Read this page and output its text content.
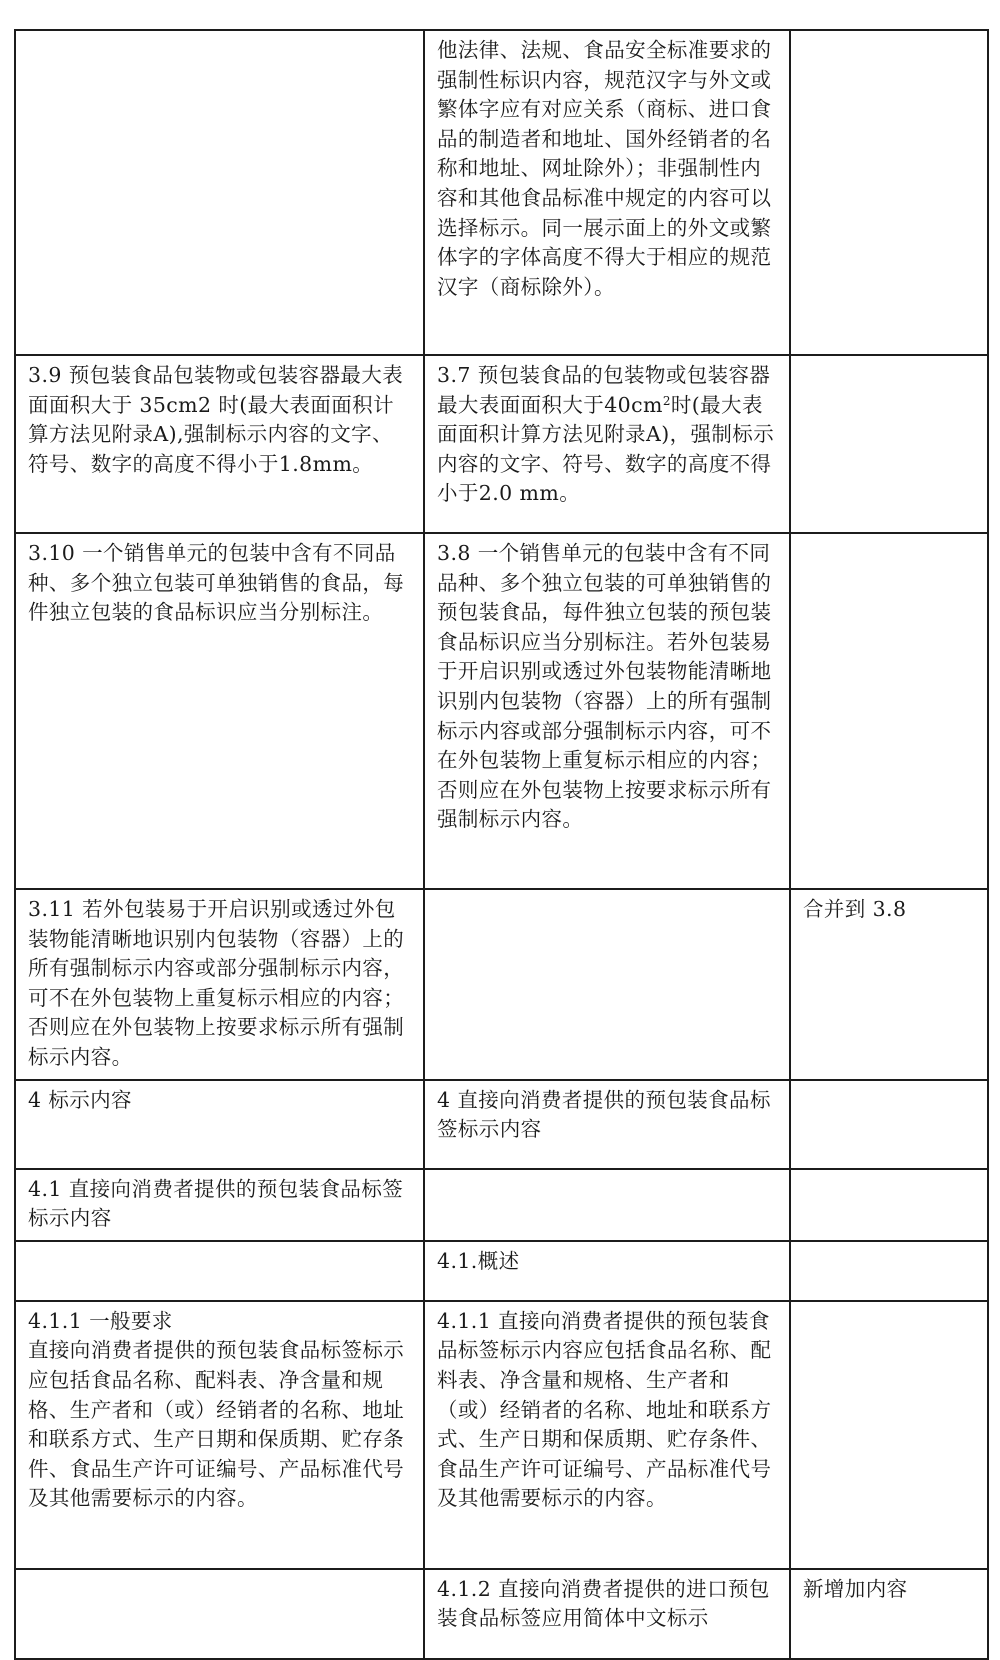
	他法律、法规、食品安全标准要求的强制性标识内容，规范汉字与外文或繁体字应有对应关系（商标、进口食品的制造者和地址、国外经销者的名称和地址、网址除外）；非强制性内容和其他食品标准中规定的内容可以选择标示。同一展示面上的外文或繁体字的字体高度不得大于相应的规范汉字（商标除外）。	
3.9 预包装食品包装物或包装容器最大表面面积大于 35cm2 时(最大表面面积计算方法见附录A),强制标示内容的文字、符号、数字的高度不得小于1.8mm。	3.7 预包装食品的包装物或包装容器最大表面面积大于$40cm^2$时(最大表面面积计算方法见附录A)，强制标示内容的文字、符号、数字的高度不得小于2.0 mm。	
3.10 一个销售单元的包装中含有不同品种、多个独立包装可单独销售的食品，每件独立包装的食品标识应当分别标注。	3.8 一个销售单元的包装中含有不同品种、多个独立包装的可单独销售的预包装食品，每件独立包装的预包装食品标识应当分别标注。若外包装易于开启识别或透过外包装物能清晰地识别内包装物（容器）上的所有强制标示内容或部分强制标示内容，可不在外包装物上重复标示相应的内容；否则应在外包装物上按要求标示所有强制标示内容。	
3.11 若外包装易于开启识别或透过外包装物能清晰地识别内包装物（容器）上的所有强制标示内容或部分强制标示内容，可不在外包装物上重复标示相应的内容；否则应在外包装物上按要求标示所有强制标示内容。		合并到 3.8
4 标示内容	4 直接向消费者提供的预包装食品标签标示内容	
4.1 直接向消费者提供的预包装食品标签标示内容		
	4.1.概述	

4.1.1 一般要求
直接向消费者提供的预包装食品标签标示应包括食品名称、配料表、净含量和规格、生产者和（或）经销者的名称、地址和联系方式、生产日期和保质期、贮存条件、食品生产许可证编号、产品标准代号及其他需要标示的内容。	4.1.1 直接向消费者提供的预包装食品标签标示内容应包括食品名称、配料表、净含量和规格、生产者和（或）经销者的名称、地址和联系方式、生产日期和保质期、贮存条件、食品生产许可证编号、产品标准代号及其他需要标示的内容。	
	4.1.2 直接向消费者提供的进口预包装食品标签应用简体中文标示	新增加内容
